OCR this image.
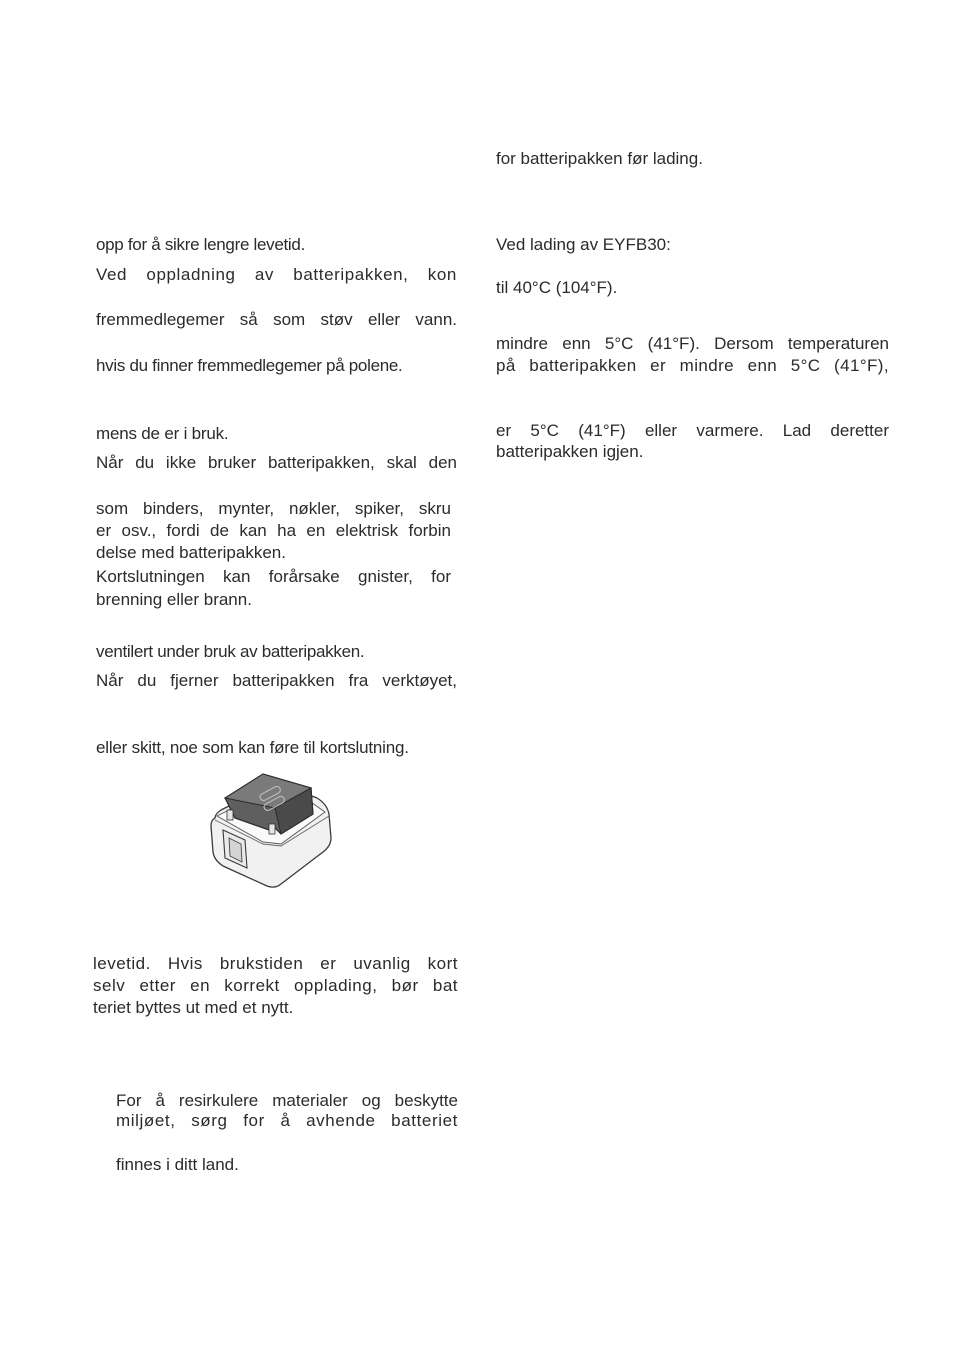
opp for å sikre lengre levetid.
Ved oppladning av batteripakken, kon
fremmedlegemer så som støv eller vann.
hvis du finner fremmedlegemer på polene.
mens de er i bruk.
Når du ikke bruker batteripakken, skal den
som binders, mynter, nøkler, spiker, skru
er osv., fordi de kan ha en elektrisk forbin
delse med batteripakken.
Kortslutningen kan forårsake gnister, for
brenning eller brann.
ventilert under bruk av batteripakken.
Når du fjerner batteripakken fra verktøyet,
eller skitt, noe som kan føre til kortslutning.
levetid. Hvis brukstiden er uvanlig kort
selv etter en korrekt opplading, bør bat
teriet byttes ut med et nytt.
For å resirkulere materialer og beskytte
miljøet, sørg for å avhende batteriet
finnes i ditt land.
for batteripakken før lading.
Ved lading av EYFB30:
til 40°C (104°F).
mindre enn 5°C (41°F). Dersom temperaturen
på batteripakken er mindre enn 5°C (41°F),
er 5°C (41°F) eller varmere. Lad deretter
batteripakken igjen.
